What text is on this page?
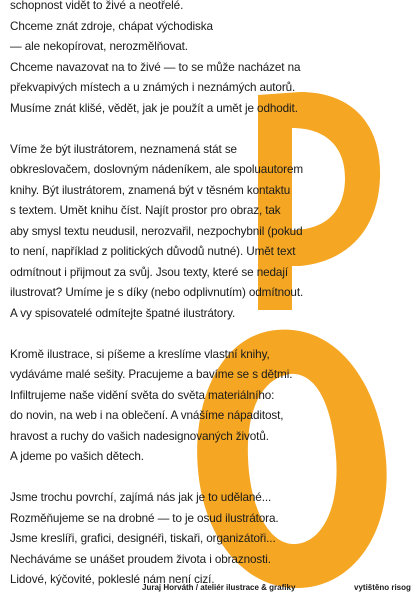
schopnost vidět to živé a neotřelé.
Chceme znát zdroje, chápat východiska
— ale nekopírovat, nerozmělňovat.
Chceme navazovat na to živé — to se může nacházet na
překvapivých místech a u známých i neznámých autorů.
Musíme znát klišé, vědět, jak je použít a umět je odhodit.

Víme že být ilustrátorem, neznamená stát se
obkreslovačem, doslovným nádeníkem, ale spoluautorem
knihy. Být ilustrátorem, znamená být v těsném kontaktu
s textem. Umět knihu číst. Najít prostor pro obraz, tak
aby smysl textu neudusil, nerozvařil, nezpochybnil (pokud
to není, například z politických důvodů nutné). Umět text
odmítnout i přijmout za svůj. Jsou texty, které se nedají
ilustrovat? Umíme je s díky (nebo odplivnutím) odmítnout.
A vy spisovatelé odmítejte špatné ilustrátory.

Kromě ilustrace, si píšeme a kreslíme vlastní knihy,
vydáváme malé sešity. Pracujeme a bavíme se s dětmi.
Infiltrujeme naše vidění světa do světa materiálního:
do novin, na web i na oblečení. A vnášíme nápaditost,
hravost a ruchy do vašich nadesignovaných životů.
A jdeme po vašich dětech.

Jsme trochu povrchí, zajímá nás jak je to udělané...
Rozměňujeme se na drobné — to je osud ilustrátora.
Jsme kreslíři, grafici, designéři, tiskaři, organizátoři...
Necháváme se unášet proudem života i obraznosti.
Lidové, kýčovité, pokleslé nám není cizí.

Juraj Horváth / ateliér ilustrace & grafiky	vytištěno risog
